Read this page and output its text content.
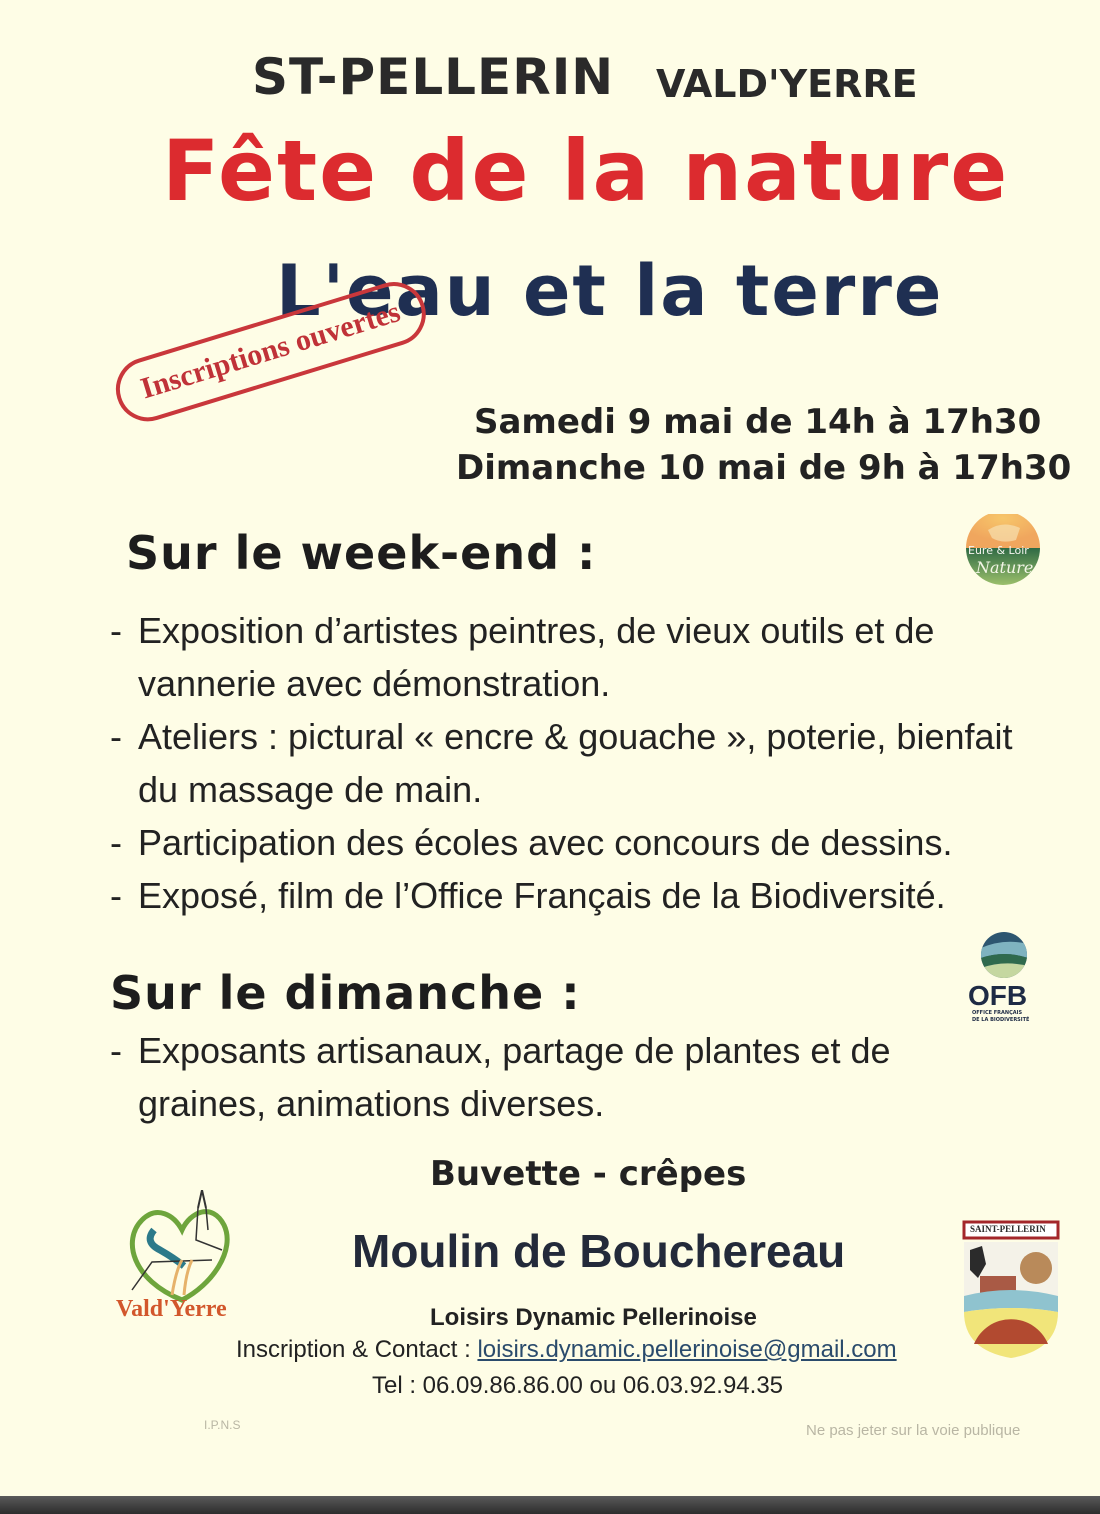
ST-PELLERIN VALD'YERRE
Fête de la nature
L'eau et la terre
Inscriptions ouvertes
Samedi 9 mai de 14h à 17h30
Dimanche 10 mai de 9h à 17h30
Eure & Loir
Nature
Sur le week-end :
- Exposition d’artistes peintres, de vieux outils et de vannerie avec démonstration.
- Ateliers : pictural « encre & gouache », poterie, bienfait du massage de main.
- Participation des écoles avec concours de dessins.
- Exposé, film de l’Office Français de la Biodiversité.
OFB
OFFICE FRANÇAIS
DE LA BIODIVERSITÉ
Sur le dimanche :
- Exposants artisanaux, partage de plantes et de graines, animations diverses.
Buvette - crêpes
Moulin de Bouchereau
Vald'Yerre
SAINT-PELLERIN
Loisirs Dynamic Pellerinoise
Inscription & Contact : loisirs.dynamic.pellerinoise@gmail.com
Tel : 06.09.86.86.00 ou 06.03.92.94.35
I.P.N.S	Ne pas jeter sur la voie publique
